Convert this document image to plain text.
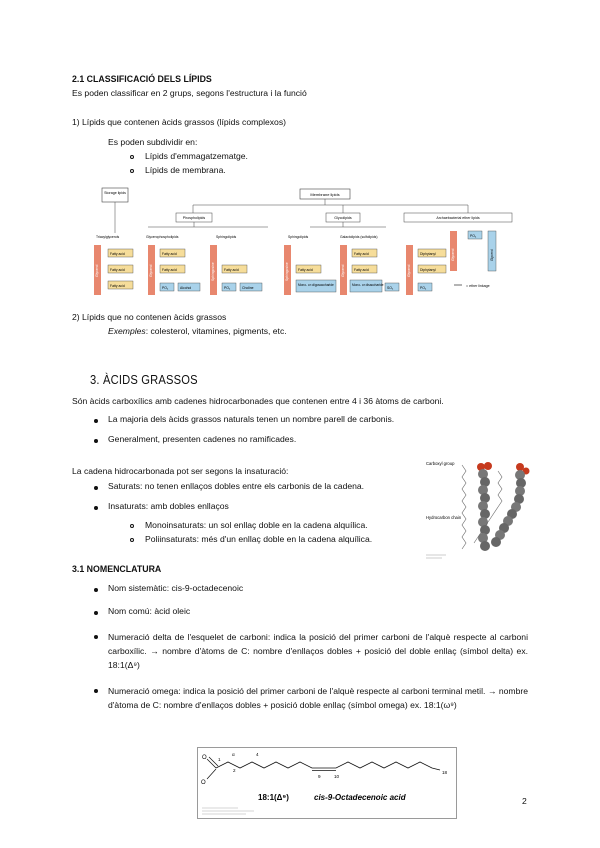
2.1 CLASSIFICACIÓ DELS LÍPIDS
Es poden classificar en 2 grups, segons l'estructura i la funció
1) Lípids que contenen àcids grassos (lípids complexos)
Es poden subdividir en:
Lípids d'emmagatzematge.
Lípids de membrana.
Storage lipids	Membrane lipids
Phospholipids	Glycolipids	Archaebacterial ether lipids
Triacylglycerols	Glycerophospholipids	Sphingolipids	Sphingolipids	Galactolipids (sulfolipids)
Glycerol
Fatty acid
Fatty acid
Fatty acid
Glycerol
Fatty acid
Fatty acid
PO₄	Alcohol
Sphingosine	Fatty acid
PO₄	Choline
Sphingosine	Fatty acid
Mono- or oligosaccharide
Glycerol
Fatty acid
Fatty acid
Mono- or disaccharide
SO₄
Glycerol
Diphytanyl
Diphytanyl
PO₄
Glycerol
PO₄
Glycerol
= ether linkage
2) Lípids que no contenen àcids grassos
Exemples: colesterol, vitamines, pigments, etc.
3. ÀCIDS GRASSOS
Són àcids carboxílics amb cadenes hidrocarbonades que contenen entre 4 i 36 àtoms de carboni.
La majoria dels àcids grassos naturals tenen un nombre parell de carbonis.
Generalment, presenten cadenes no ramificades.
La cadena hidrocarbonada pot ser segons la insaturació:
Saturats: no tenen enllaços dobles entre els carbonis de la cadena.
Insaturats: amb dobles enllaços
Monoinsaturats: un sol enllaç doble en la cadena alquílica.
Poliinsaturats: més d'un enllaç doble en la cadena alquílica.
Carboxyl group
Hydrocarbon chain
3.1 NOMENCLATURA
Nom sistemàtic: cis-9-octadecenoic
Nom comú: àcid oleic
Numeració delta de l'esquelet de carboni: indica la posició del primer carboni de l'alquè respecte al carboni carboxílic. → nombre d'àtoms de C: nombre d'enllaços dobles + posició del doble enllaç (símbol delta) ex. 18:1(Δ⁹)
Numeració omega: indica la posició del primer carboni de l'alquè respecte al carboni terminal metil. → nombre d'àtoma de C: nombre d'enllaços dobles + posició doble enllaç (símbol omega) ex. 18:1(ω⁹)
O
O
1
α
2
4
9	10
18
18:1(Δ⁹)	cis-9-Octadecenoic acid	2
